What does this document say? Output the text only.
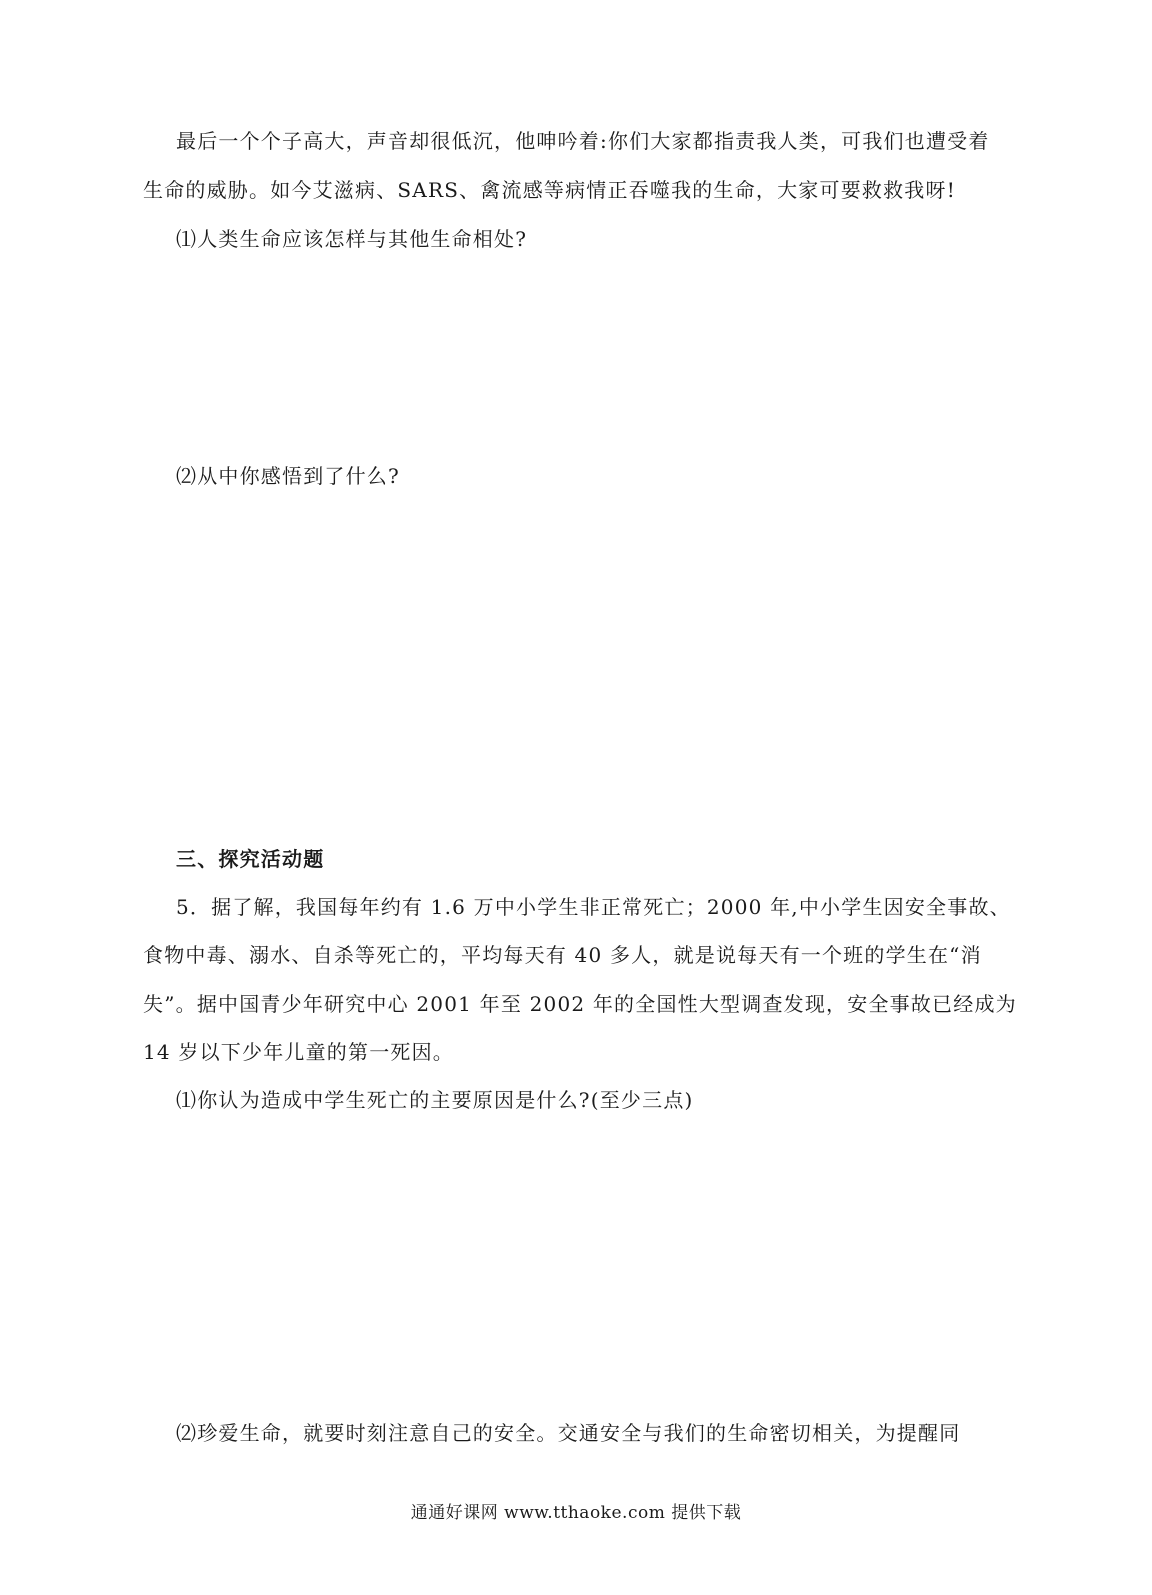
最后一个个子高大，声音却很低沉，他呻吟着:你们大家都指责我人类，可我们也遭受着
生命的威胁。如今艾滋病、SARS、禽流感等病情正吞噬我的生命，大家可要救救我呀!
⑴人类生命应该怎样与其他生命相处?
⑵从中你感悟到了什么?
三、探究活动题
5．据了解，我国每年约有 1.6 万中小学生非正常死亡；2000 年,中小学生因安全事故、
食物中毒、溺水、自杀等死亡的，平均每天有 40 多人，就是说每天有一个班的学生在“消
失”。据中国青少年研究中心 2001 年至 2002 年的全国性大型调查发现，安全事故已经成为
14 岁以下少年儿童的第一死因。
⑴你认为造成中学生死亡的主要原因是什么?(至少三点)
⑵珍爱生命，就要时刻注意自己的安全。交通安全与我们的生命密切相关，为提醒同
通通好课网 www.tthaoke.com 提供下载
